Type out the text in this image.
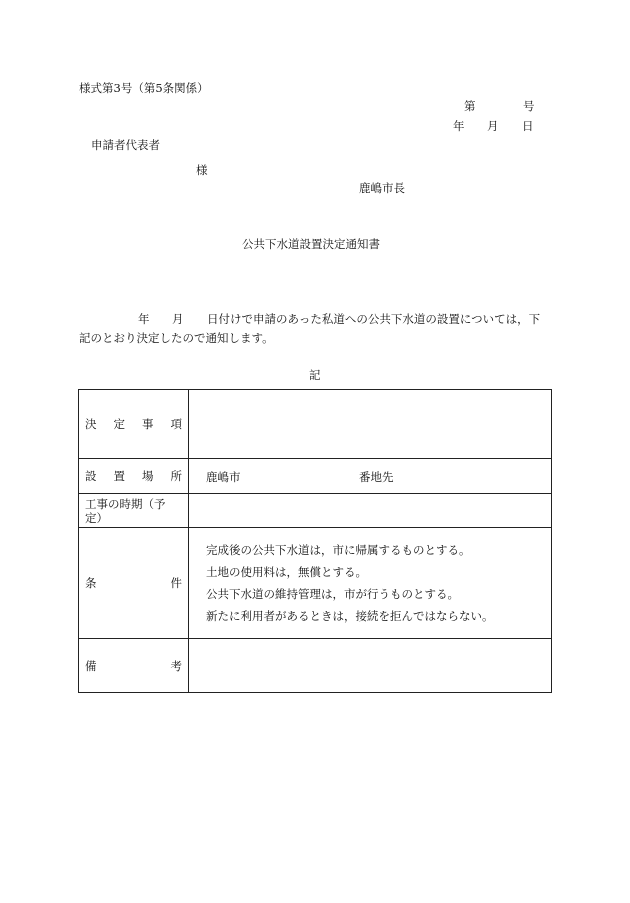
様式第3号（第5条関係）
第	号
年 月 日
申請者代表者
様
鹿嶋市長
公共下水道設置決定通知書
年 月 日付けで申請のあった私道への公共下水道の設置については，下
記のとおり決定したので通知します。
記
決 定 事 項
設 置 場 所 鹿嶋市	番地先
工事の時期（予定）
条	件
完成後の公共下水道は，市に帰属するものとする。
土地の使用料は，無償とする。
公共下水道の維持管理は，市が行うものとする。
新たに利用者があるときは，接続を拒んではならない。
備	考
